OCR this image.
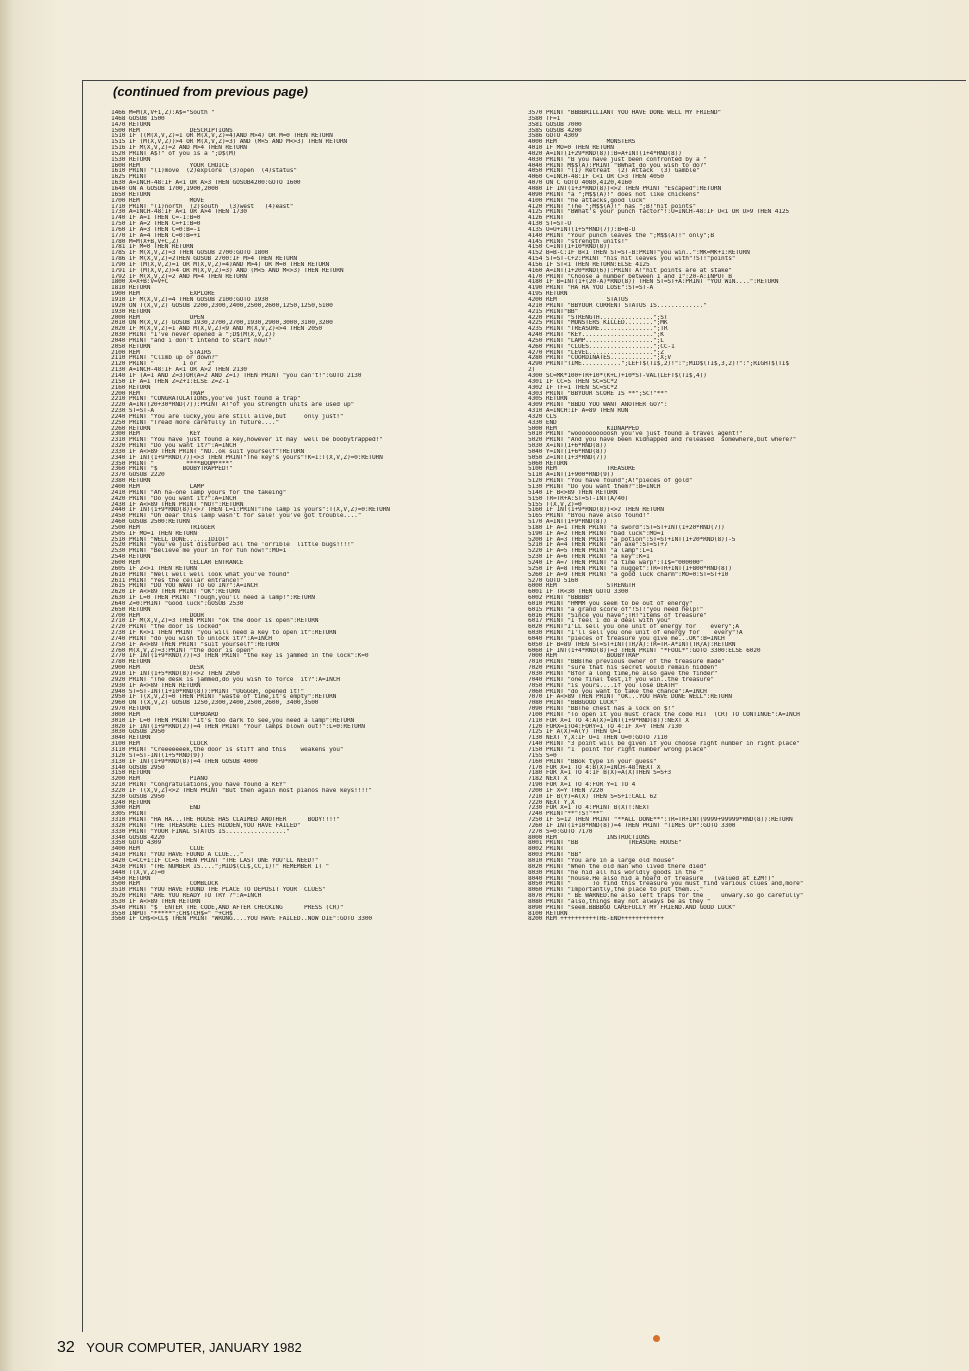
(continued from previous page)
1466 M=M(X,V+1,Z):A$="South "
1468 GOSUB 1500
1470 RETURN
1500 REM              DESCRIPTIONS
1510 IF ((M(X,V,Z)=1 OR M(X,V,Z)=4)AND M>4) OR M=0 THEN RETURN
1515 IF (M(X,V,Z))>4 OR M(X,V,Z)=3) AND (M<5 AND M<>3) THEN RETURN
1516 IF M(X,V,Z)=2 AND M>4 THEN RETURN
1520 PRINT A$!" of you is a ";D$(M)
1530 RETURN
1600 REM              YOUR CHOICE
1610 PRINT "(1)move  (2)explore  (3)open  (4)status"
1625 PRINT
1630 A=INCH-48:IF A<1 OR A>3 THEN GOSUB4200:GOTO 1600
1640 ON A GOSUB 1700,1900,2000
1650 RETURN
1700 REM              MOVE
1710 PRINT "(1)north  (2)south   (3)west   (4)east"
1730 A=INCH-48:IF A<1 OR A>4 THEN 1730
1740 IF A=1 THEN C=-1:B=0
1750 IF A=2 THEN C=+1:B=0
1760 IF A=3 THEN C=0:B=-1
1770 IF A=4 THEN C=0:B=+1
1780 M=M(X+B,V+C,Z)
1781 IF M=0 THEN RETURN
1785 IF M(X,V,Z)=3 THEN GOSUB 2700:GOTO 1800
1786 IF M(X,V,Z)=2THEN GOSUB 2700:IF M>4 THEN RETURN
1790 IF (M(X,V,Z)=1 OR M(X,V,Z)=4)AND M>4) OR M=0 THEN RETURN
1791 IF (M(X,V,Z)>4 OR M(X,V,Z)=3) AND (M<5 AND M<>3) THEN RETURN
1792 IF M(X,V,Z)=2 AND M>4 THEN RETURN
1800 X=X+B:V=V+C
1810 RETURN
1900 REM              EXPLORE
1910 IF M(X,V,Z)=4 THEN GOSUB 2100:GOTO 1930
1920 ON T(X,V,Z) GOSUB 2200,2300,2400,2500,2600,1250,1250,5100
1930 RETURN
2000 REM              OPEN
2010 ON M(X,V,Z) GOSUB 1930,2700,2700,1930,2900,3000,3100,3200
2020 IF M(X,V,Z)=1 AND M(X,V,Z)<9 AND M(X,V,Z)<>4 THEN 2050
2030 PRINT "I've never opened a ";D$(M(X,V,Z))
2040 PRINT "and i don't intend to start now!"
2050 RETURN
2100 REM              STAIRS
2110 PRINT "Climb up or down?"
2120 PRINT "        1 or   2"
2130 A=INCH-48:IF A<1 OR A>2 THEN 2130
2140 IF (A=1 AND Z=3)OR(A=2 AND Z=1) THEN PRINT "you can't!":GOTO 2130
2150 IF A=1 THEN Z=Z+1:ELSE Z=Z-1
2160 RETURN
2200 REM              TRAP
2210 PRINT "CONGRATULATIONS,you've just found a trap"
2220 A=INT(20+30*RND(7)):PRINT A!"of you strength units are used up"
2230 ST=ST-A
2240 PRINT "You are lucky,you are still alive,but     only just!"
2250 PRINT "Tread more carefully in future...."
2260 RETURN
2300 REM              KEY
2310 PRINT "You have just found a key,however it may  well be boobytrapped!"
2320 PRINT "Do you want it?":A=INCH
2330 IF A<>89 THEN PRINT "NO..ok suit yourself"!RETURN
2340 IF INT(1+9*RND(7))<>3 THEN PRINT"The key's yours"!K=1:T(X,V,Z)=0:RETURN
2350 PRINT "         ****BOOM****"
2360 PRINT "$       BOOBYTRAPPED!"
2370 GOSUB 2220
2380 RETURN
2400 REM              LAMP
2410 PRINT "Ah ha-one lamp yours for the takeing"
2420 PRINT "Do you want it?":A=INCH
2430 IF A<>89 THEN PRINT "NO!":RETURN
2440 IF INT(1+9*RND(8))<>7 THEN L=1:PRINT"The lamp is yours":T(X,V,Z)=0:RETURN
2450 PRINT "Oh dear this lamp wasn't for sale! you've got trouble...."
2460 GOSUB 2500:RETURN
2500 REM              TRIGGER
2505 IF MO=1 THEN RETURN
2510 PRINT "WELL DONE......IDIOT"
2520 PRINT "you've just disturbed all the 'orrible  little bugs!!!!"
2530 PRINT "Believe me your in for fun now!":MO=1
2540 RETURN
2600 REM              CELLAR ENTRANCE
2605 IF Z<>1 THEN RETURN
2610 PRINT "Well well well look what you've found"
2611 PRINT "Yes the cellar entrance!"
2615 PRINT "DO YOU WANT TO GO IN?":A=INCH
2620 IF A<>89 THEN PRINT "OK":RETURN
2630 IF L=0 THEN PRINT "Tough,you'll need a lamp!":RETURN
2640 Z=0:PRINT "Good luck":GOSUB 2530
2650 RETURN
2700 REM              DOOR
2710 IF M(X,V,Z)=3 THEN PRINT "ok the door is open":RETURN
2720 PRINT "the door is locked"
2730 IF K<>1 THEN PRINT "you will need a key to open it":RETURN
2740 PRINT "do you wish to unlock it?":A=INCH
2750 IF A<>89 THEN PRINT "suit yourself":RETURN
2760 M(X,V,Z)=3:PRINT "the door is open"
2770 IF INT(1+9*RND(7))=3 THEN PRINT "the key is jammed in the lock":K=0
2780 RETURN
2900 REM              DESK
2910 IF INT(1+5*RND(8))<>2 THEN 2950
2920 PRINT "The desk is jammed,do you wish to force  it?":A=INCH
2930 IF A<>89 THEN RETURN
2940 ST=ST-INT(1+10*RND(8)):PRINT "UGGGGH, opened it!"
2950 IF T(X,V,Z)=0 THEN PRINT "waste of time,it's empty":RETURN
2960 ON T(X,V,Z) GOSUB 1250,2300,2400,2500,2600, 3400,3500
2970 RETURN
3000 REM              CUPBOARD
3010 IF L=0 THEN PRINT "It's too dark to see,you need a lamp":RETURN
3020 IF INT(1+9*RND(2))=4 THEN PRINT "Your lamps blown out!":L=0:RETURN
3030 GOSUB 2950
3040 RETURN
3100 REM              CLOCK
3110 PRINT "Creeeeeeek,the door is stiff and this    weakens you"
3120 ST=ST-INT(1+5*RND(9))
3130 IF INT(1+9*RND(8))=4 THEN GOSUB 4000
3140 GOSUB 2950
3150 RETURN
3200 REM              PIANO
3210 PRINT "Congratulations,you have found a KEY"
3220 IF T(X,V,Z)<>2 THEN PRINT "But then again most pianos have keys!!!!"
3230 GOSUB 2950
3240 RETURN
3300 REM              END
3305 PRINT
3310 PRINT "HA HA...THE HOUSE HAS CLAIMED ANOTHER      BODY!!!!"
3320 PRINT "THE TREASURE LIES HIDDEN,YOU HAVE FAILED"
3330 PRINT "YOUR FINAL STATUS IS................."
3340 GOSUB 4220
3350 GOTO 4309
3400 REM              CLUE
3410 PRINT "YOU HAVE FOUND A CLUE..."
3420 C=CC+1:IF CC=5 THEN PRINT "THE LAST ONE YOU'LL NEED!"
3430 PRINT "THE NUMBER IS....";MID$(CL$,CC,1)!" REMEMBER IT "
3440 T(X,V,Z)=0
3450 RETURN
3500 REM              COMBLOCK
3510 PRINT "YOU HAVE FOUND THE PLACE TO DEPOSIT YOUR  CLUES"
3520 PRINT "ARE YOU READY TO TRY ?":A=INCH
3530 IF A<>89 THEN RETURN
3540 PRINT "$  ENTER THE CODE,AND AFTER CHECKING      PRESS (CR)"
3550 INPUT "*****";CH$!CH$=" "+CH$
3560 IF CH$<>CL$ THEN PRINT "WRONG....YOU HAVE FAILED..NOW DIE":GOTO 3300
3570 PRINT "BBBBRILLIANT YOU HAVE DONE WELL MY FRIEND"
3580 TF=1
3581 GOSUB 7000
3585 GOSUB 4200
3586 GOTO 4309
4000 REM              MONSTERS
4010 IF MO=0 THEN RETURN
4020 A=INT(1+29*RND(8)):B=A+INT(1+4*RND(8))
4030 PRINT "B you have just been confronted by a "
4040 PRINT M$$(A):PRINT "BWhat do you wish to do?"
4050 PRINT "(1) Retreat  (2) Attack  (3) Gamble"
4060 C=INCH-48:IF C<1 OR C>3 THEN 4050
4070 ON C GOTO 4080,4120,4160
4080 IF INT(1+3*RND(8))<>2 THEN PRINT "Escaped":RETURN
4090 PRINT "a ";M$$(A)!" does not like chickens"
4100 PRINT "he attacks,good luck"
4120 PRINT "The ";M$$(A)!" has ";B!"hit points"
4125 PRINT "BWhat's your punch factor"!:U=INCH-48:IF U<1 OR U>9 THEN 4125
4126 PRINT
4130 ST=ST-U
4135 U=U+INT(1+5*RND(7)):B=B-U
4140 PRINT "Your punch leaves the ";M$$(A)!" only";B
4145 PRINT "strength units!"
4150 C=INT(1+10*RND(8))
4152 B=B-C:IF B<1 THEN ST=ST-B:PRINT"you win..":MK=MK+1:RETURN
4154 ST=ST-C+2:PRINT "his hit leaves you with"!ST!"points"
4156 IF ST<1 THEN RETURN:ELSE 4125
4160 A=INT(1+20*RND(6)):PRINT A!"hit points are at stake"
4170 PRINT "Choose a number between 1 and 1":20-A:INPUT B
4180 IF B=INT(1+(20-A)*RND(8)) THEN ST=ST+A:PRINT "YOU WIN....":RETURN
4190 PRINT "HA HA YOU LOSE":ST=ST-A
4195 RETURN
4200 REM              STATUS
4210 PRINT "BBYOUR CURRENT STATUS IS............."
4215 PRINT"BB"
4220 PRINT "STRENGTH...............";ST
4225 PRINT "MONSTERS KILLED........";MK
4235 PRINT "TREASURE...............";TR
4240 PRINT "KEY....................";K
4250 PRINT "LAMP...................";L
4260 PRINT "CLUES..................";CC-1
4270 PRINT "LEVEL..................";Z
4280 PRINT "COORDINATES............";X;V
4290 PRINT"TIME...........";LEFT$(TI$,2)!":";MID$(TI$,3,2)!":";RIGHT$(TI$
2)
4300 SC=MK*100+TR+10*(K+L)+10*ST-VAL(LEFT$(TI$,4))
4301 IF CC=5 THEN SC=SC*2
4302 IF TF=1 THEN SC=SC*2
4303 PRINT "BBYOUR SCORE IS **";SC!"**"
4305 RETURN
4309 PRINT "BBDO YOU WANT ANOTHER GO?":
4310 A=INCH:IF A=89 THEN RUN
4320 CLS
4330 END
5000 REM              KIDNAPPED
5010 PRINT "woooooooooosh you've just found a travel agent!"
5020 PRINT "And you have been kidnapped and released  somewhere,but where?"
5030 X=INT(1+6*RND(8))
5040 Y=INT(1+6*RND(8))
5050 Z=INT(1+3*RND(7))
5060 RETURN
5100 REM              TREASURE
5110 A=INT(1+900*RND(9))
5120 PRINT "You have found";A!"pieces of gold"
5130 PRINT "Do you want them?":B=INCH
5140 IF B<>89 THEN RETURN
5150 TR=TR+A:ST=ST-INT(A/40)
5155 T(X,V,Z)=0
5160 IF INT(1+9*RND(8))<>2 THEN RETURN
5165 PRINT "BYou have also found!"
5170 A=INT(1+9*RND(8))
5180 IF A=1 THEN PRINT "a sword":ST=ST+INT(1+20*RND(7))
5190 IF A=2 THEN PRINT "bad luck":MO=1
5200 IF A=3 THEN PRINT "a potion":ST=ST+INT(1+20*RND(8))-5
5210 IF A=4 THEN PRINT "an axe":ST=ST+7
5220 IF A=5 THEN PRINT "a lamp":L=1
5230 IF A=6 THEN PRINT "a key":K=1
5240 IF A=7 THEN PRINT "a time warp":TI$="000000"
5250 IF A=8 THEN PRINT "a nugget":TR=TR+INT(1+800*RND(8))
5260 IF A=9 THEN PRINT "a good luck charm":MO=0:ST=ST+10
5270 GOTO 5160
6000 REM              STRENGTH
6001 IF TR<30 THEN GOTO 3300
6002 PRINT "BBBBB"
6010 PRINT "HMMM you seem to be out of energy"
6015 PRINT "a grand score of"!ST!"you need help!"
6016 PRINT "Since you have";TR!"items of treasure"
6017 PRINT "I feel i do a deal with you"
6020 PRINT"I'LL sell you one unit of energy for    every";A
6030 PRINT "I'll sell you one unit of energy for    every"!A
6040 PRINT "pieces of treasure you give me...OK":B=INCH
6050 IF B=89 THEN ST=ST+INT(TR/A):TR=TR-A*INT(TR/A):RETURN
6060 IF INT(1+4*RND(8))=3 THEN PRINT "*FOOL*":GOTO 3300:ELSE 6020
7000 REM              BOOBYTRAP
7010 PRINT "BBBThe previous owner of the treasure made"
7020 PRINT "sure that his secret would remain hidden"
7030 PRINT "Bfor a long time,he also gave the finder"
7040 PRINT "one final test,if you win..the treasure"
7050 PRINT "is yours....if you lose DEATH"
7060 PRINT "do you want to take the chance":A=INCH
7070 IF A<>89 THEN PRINT "OK...YOU HAVE DONE WELL":RETURN
7080 PRINT "BBBGOOD LUCK"
7090 PRINT "BBThe chest has a lock on $!"
7100 PRINT "To open it you must crack the code HIT  (CR) TO CONTINUE":A=INCH
7110 FOR X=1 TO 4:A(X)=INT(1+9*RND(8)):NEXT X
7120 FORX=1TO4:FORY=1 TO 4:IF X=Y THEN 7130
7125 IF A(X)=A(Y) THEN U=1
7130 NEXT Y,X:IF U=1 THEN U=0:GOTO 7110
7140 PRINT "3 point will be given if you choose right number in right place"
7150 PRINT "1  point for right number wrong place"
7155 S=0
7160 PRINT "BBok type in your guess"
7170 FOR X=1 TO 4:B(X)=INCH-48:NEXT X
7180 FOR X=1 TO 4:IF B(X)=A(X)THEN S=S+3
7182 NEXT X
7190 FOR X=1 TO 4:FOR Y=1 TO 4
7200 IF X=Y THEN 7220
7210 IF B(Y)=A(X) THEN S=S+1:CALL 62
7220 NEXT Y,X
7230 FOR X=1 TO 4:PRINT B(X)!:NEXT
7240 PRINT"**"!S!"**"
7250 IF S=12 THEN PRINT "**ALL DONE**":TR=TR+INT(9999+99999*RND(8)):RETURN
7260 IF INT(1+10*RND(8))=4 THEN PRINT "TIMES UP":GOTO 3300
7270 S=0:GOTO 7170
8000 REM              INSTRUCTIONS
8001 PRINT "BB              TREASURE HOUSE"
8002 PRINT
8003 PRINT "BB"
8010 PRINT "You are in a large old house"
8020 PRINT "When the old man who lived there died"
8030 PRINT "he hid all his worldly goods in the "
8040 PRINT "house.He also hid a hoard of treasure   (valued at £2M!)"
8050 PRINT "      To find this treasure you must find various clues and,more"
8060 PRINT "importantly,the place to put them..."
8070 PRINT " BE WARNED.he also left traps for the     unwary.so go carefully"
8080 PRINT "also,things may not always be as they "
8090 PRINT "seem.BBBBGO CAREFULLY MY FRIEND.AND GOOD LUCK"
8100 RETURN
8200 REM ++++++++++THE-END++++++++++++
32 YOUR COMPUTER, JANUARY 1982
